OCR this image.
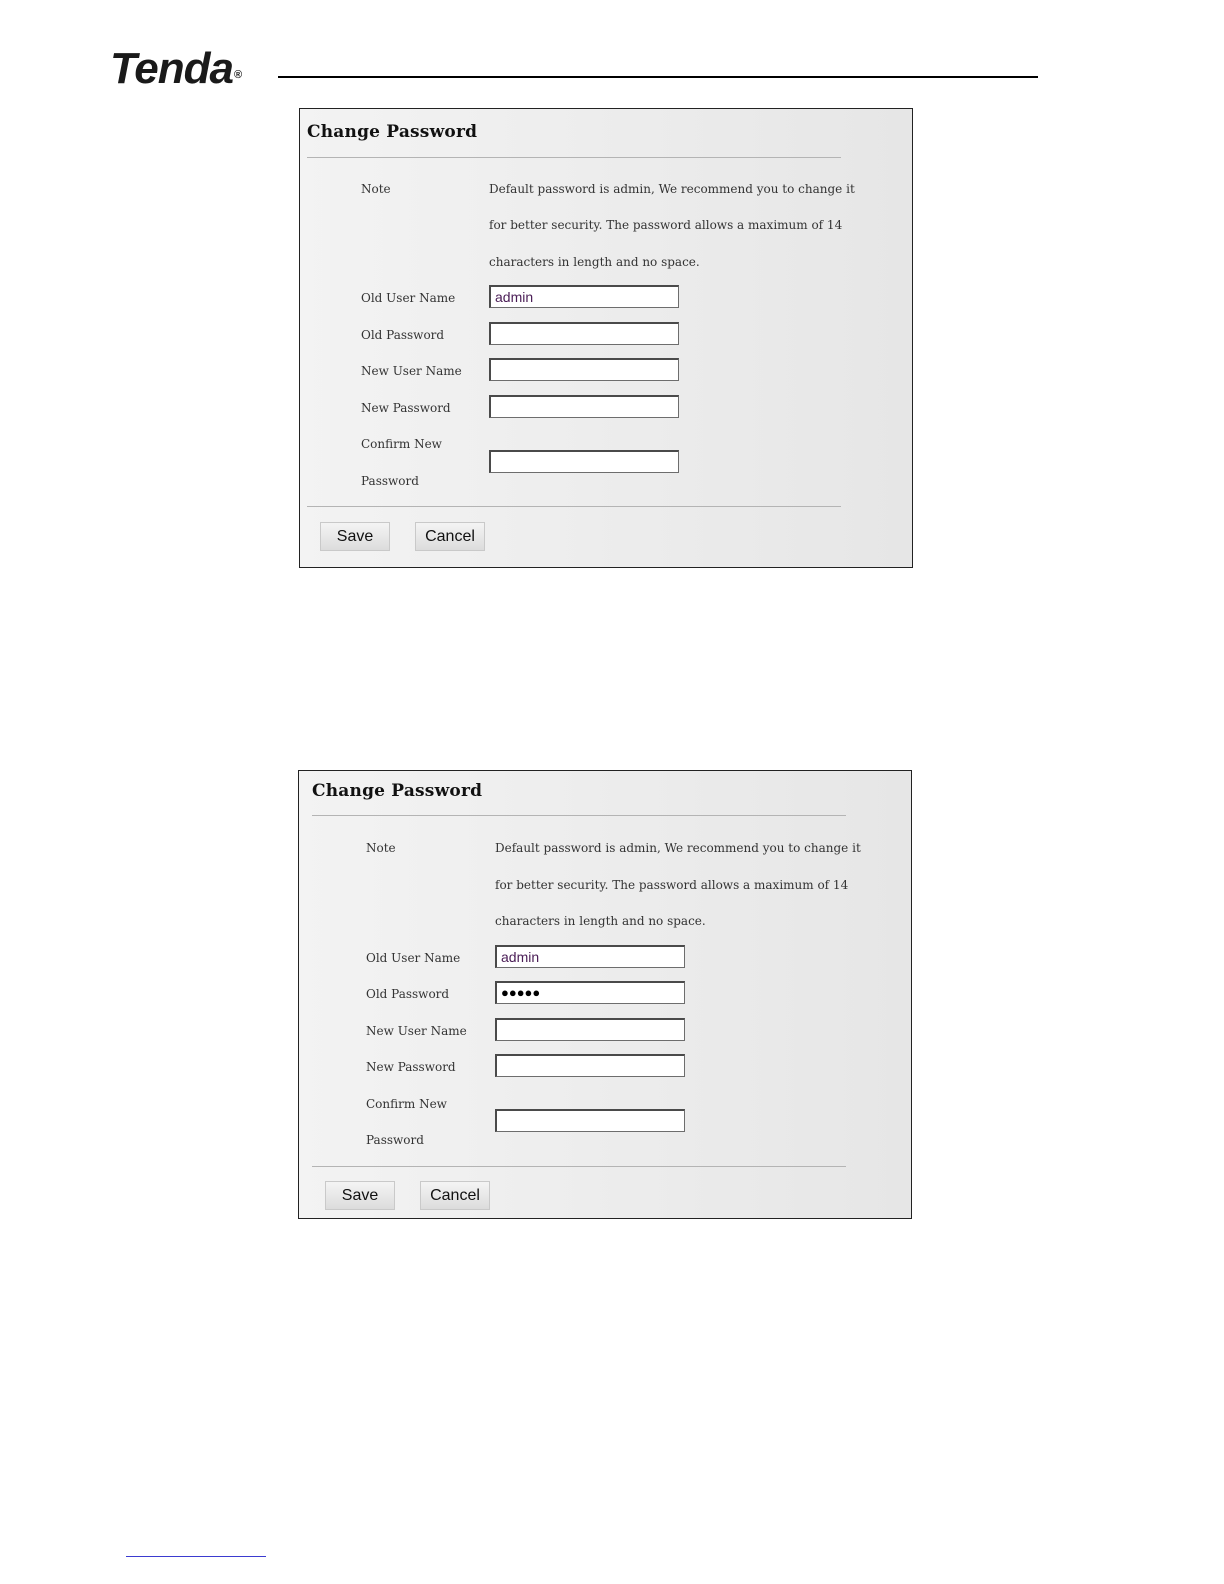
Tenda®
Change Password
Note	Default password is admin, We recommend you to change it
for better security. The password allows a maximum of 14
characters in length and no space.
Old User Name	admin
Old Password
New User Name
New Password
Confirm New
Password
Save	Cancel
Change Password
Note	Default password is admin, We recommend you to change it
for better security. The password allows a maximum of 14
characters in length and no space.
Old User Name	admin
Old Password	●●●●●
New User Name
New Password
Confirm New
Password
Save	Cancel
